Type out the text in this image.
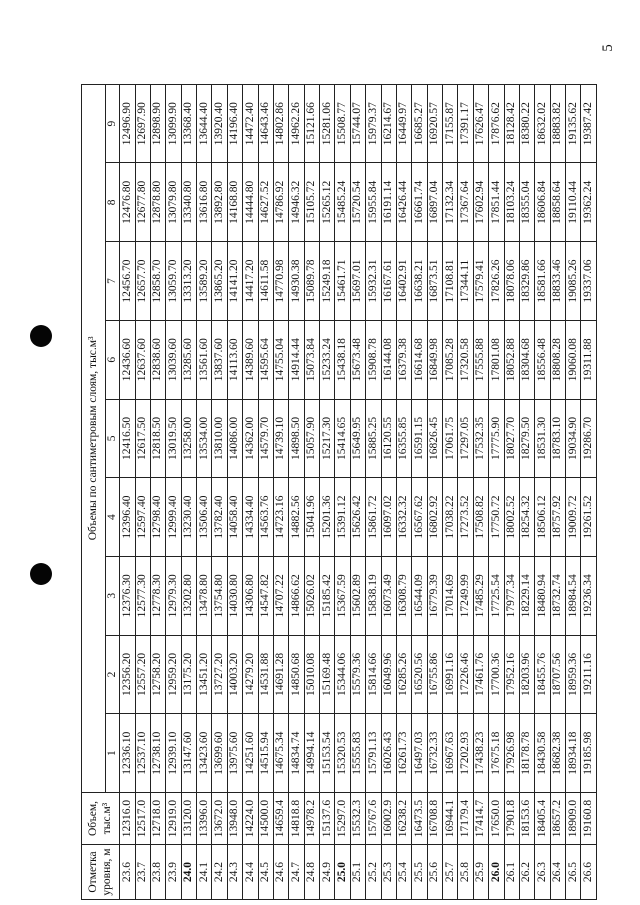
5
Отметка уровня, м	Объем, тыс.м³	Объемы по сантиметровым слоям, тыс.м³								
		1	2	3	4	5	6	7	8	9
23.6	12316.0	12336.10	12356.20	12376.30	12396.40	12416.50	12436.60	12456.70	12476.80	12496.90
23.7	12517.0	12537.10	12557.20	12577.30	12597.40	12617.50	12637.60	12657.70	12677.80	12697.90
23.8	12718.0	12738.10	12758.20	12778.30	12798.40	12818.50	12838.60	12858.70	12878.80	12898.90
23.9	12919.0	12939.10	12959.20	12979.30	12999.40	13019.50	13039.60	13059.70	13079.80	13099.90
24.0	13120.0	13147.60	13175.20	13202.80	13230.40	13258.00	13285.60	13313.20	13340.80	13368.40
24.1	13396.0	13423.60	13451.20	13478.80	13506.40	13534.00	13561.60	13589.20	13616.80	13644.40
24.2	13672.0	13699.60	13727.20	13754.80	13782.40	13810.00	13837.60	13865.20	13892.80	13920.40
24.3	13948.0	13975.60	14003.20	14030.80	14058.40	14086.00	14113.60	14141.20	14168.80	14196.40
24.4	14224.0	14251.60	14279.20	14306.80	14334.40	14362.00	14389.60	14417.20	14444.80	14472.40
24.5	14500.0	14515.94	14531.88	14547.82	14563.76	14579.70	14595.64	14611.58	14627.52	14643.46
24.6	14659.4	14675.34	14691.28	14707.22	14723.16	14739.10	14755.04	14770.98	14786.92	14802.86
24.7	14818.8	14834.74	14850.68	14866.62	14882.56	14898.50	14914.44	14930.38	14946.32	14962.26
24.8	14978.2	14994.14	15010.08	15026.02	15041.96	15057.90	15073.84	15089.78	15105.72	15121.66
24.9	15137.6	15153.54	15169.48	15185.42	15201.36	15217.30	15233.24	15249.18	15265.12	15281.06
25.0	15297.0	15320.53	15344.06	15367.59	15391.12	15414.65	15438.18	15461.71	15485.24	15508.77
25.1	15532.3	15555.83	15579.36	15602.89	15626.42	15649.95	15673.48	15697.01	15720.54	15744.07
25.2	15767.6	15791.13	15814.66	15838.19	15861.72	15885.25	15908.78	15932.31	15955.84	15979.37
25.3	16002.9	16026.43	16049.96	16073.49	16097.02	16120.55	16144.08	16167.61	16191.14	16214.67
25.4	16238.2	16261.73	16285.26	16308.79	16332.32	16355.85	16379.38	16402.91	16426.44	16449.97
25.5	16473.5	16497.03	16520.56	16544.09	16567.62	16591.15	16614.68	16638.21	16661.74	16685.27
25.6	16708.8	16732.33	16755.86	16779.39	16802.92	16826.45	16849.98	16873.51	16897.04	16920.57
25.7	16944.1	16967.63	16991.16	17014.69	17038.22	17061.75	17085.28	17108.81	17132.34	17155.87
25.8	17179.4	17202.93	17226.46	17249.99	17273.52	17297.05	17320.58	17344.11	17367.64	17391.17
25.9	17414.7	17438.23	17461.76	17485.29	17508.82	17532.35	17555.88	17579.41	17602.94	17626.47
26.0	17650.0	17675.18	17700.36	17725.54	17750.72	17775.90	17801.08	17826.26	17851.44	17876.62
26.1	17901.8	17926.98	17952.16	17977.34	18002.52	18027.70	18052.88	18078.06	18103.24	18128.42
26.2	18153.6	18178.78	18203.96	18229.14	18254.32	18279.50	18304.68	18329.86	18355.04	18380.22
26.3	18405.4	18430.58	18455.76	18480.94	18506.12	18531.30	18556.48	18581.66	18606.84	18632.02
26.4	18657.2	18682.38	18707.56	18732.74	18757.92	18783.10	18808.28	18833.46	18858.64	18883.82
26.5	18909.0	18934.18	18959.36	18984.54	19009.72	19034.90	19060.08	19085.26	19110.44	19135.62
26.6	19160.8	19185.98	19211.16	19236.34	19261.52	19286.70	19311.88	19337.06	19362.24	19387.42
